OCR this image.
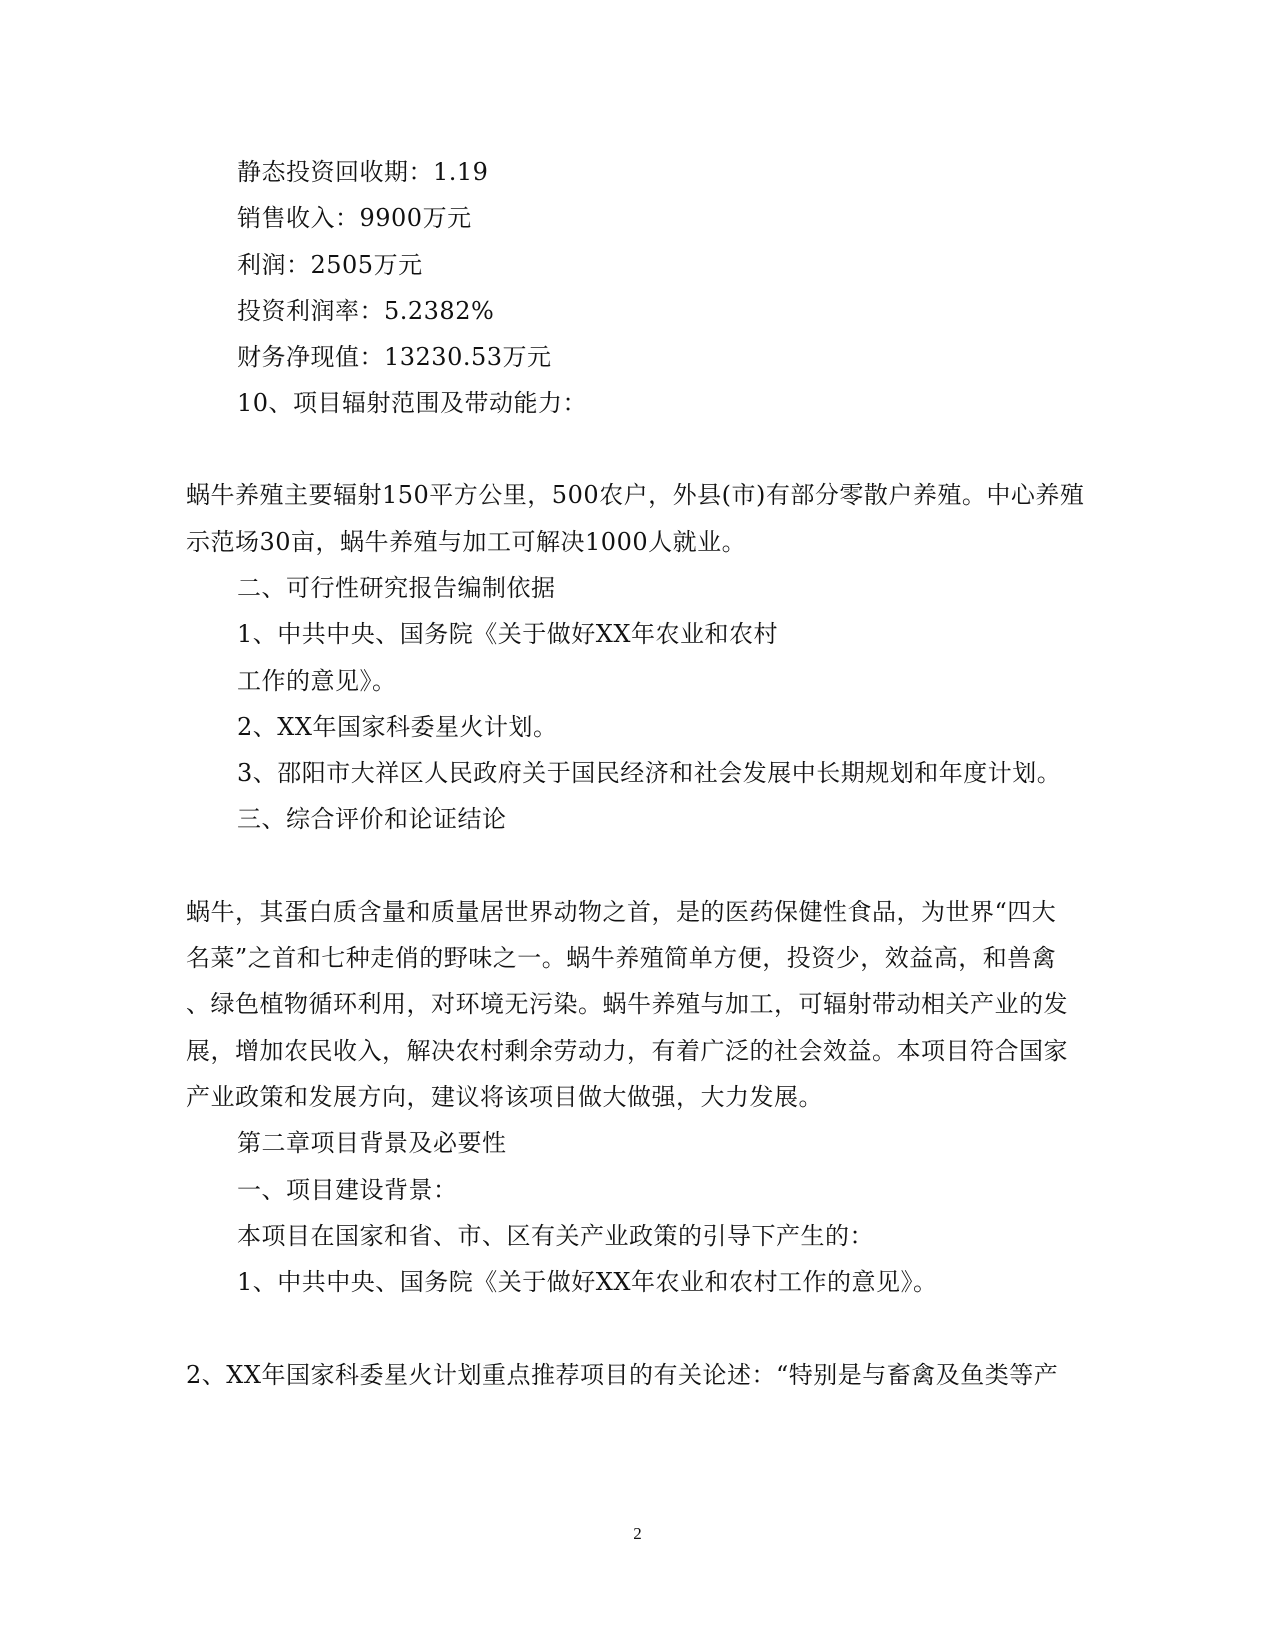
静态投资回收期：1.19
销售收入：9900万元
利润：2505万元
投资利润率：5.2382%
财务净现值：13230.53万元
10、项目辐射范围及带动能力：
蜗牛养殖主要辐射150平方公里，500农户，外县(市)有部分零散户养殖。中心养殖
示范场30亩，蜗牛养殖与加工可解决1000人就业。
二、可行性研究报告编制依据
1、中共中央、国务院《关于做好XX年农业和农村
工作的意见》。
2、XX年国家科委星火计划。
3、邵阳市大祥区人民政府关于国民经济和社会发展中长期规划和年度计划。
三、综合评价和论证结论
蜗牛，其蛋白质含量和质量居世界动物之首，是的医药保健性食品，为世界“四大
名菜”之首和七种走俏的野味之一。蜗牛养殖简单方便，投资少，效益高，和兽禽
、绿色植物循环利用，对环境无污染。蜗牛养殖与加工，可辐射带动相关产业的发
展，增加农民收入，解决农村剩余劳动力，有着广泛的社会效益。本项目符合国家
产业政策和发展方向，建议将该项目做大做强，大力发展。
第二章项目背景及必要性
一、项目建设背景：
本项目在国家和省、市、区有关产业政策的引导下产生的：
1、中共中央、国务院《关于做好XX年农业和农村工作的意见》。
2、XX年国家科委星火计划重点推荐项目的有关论述：“特别是与畜禽及鱼类等产
2
